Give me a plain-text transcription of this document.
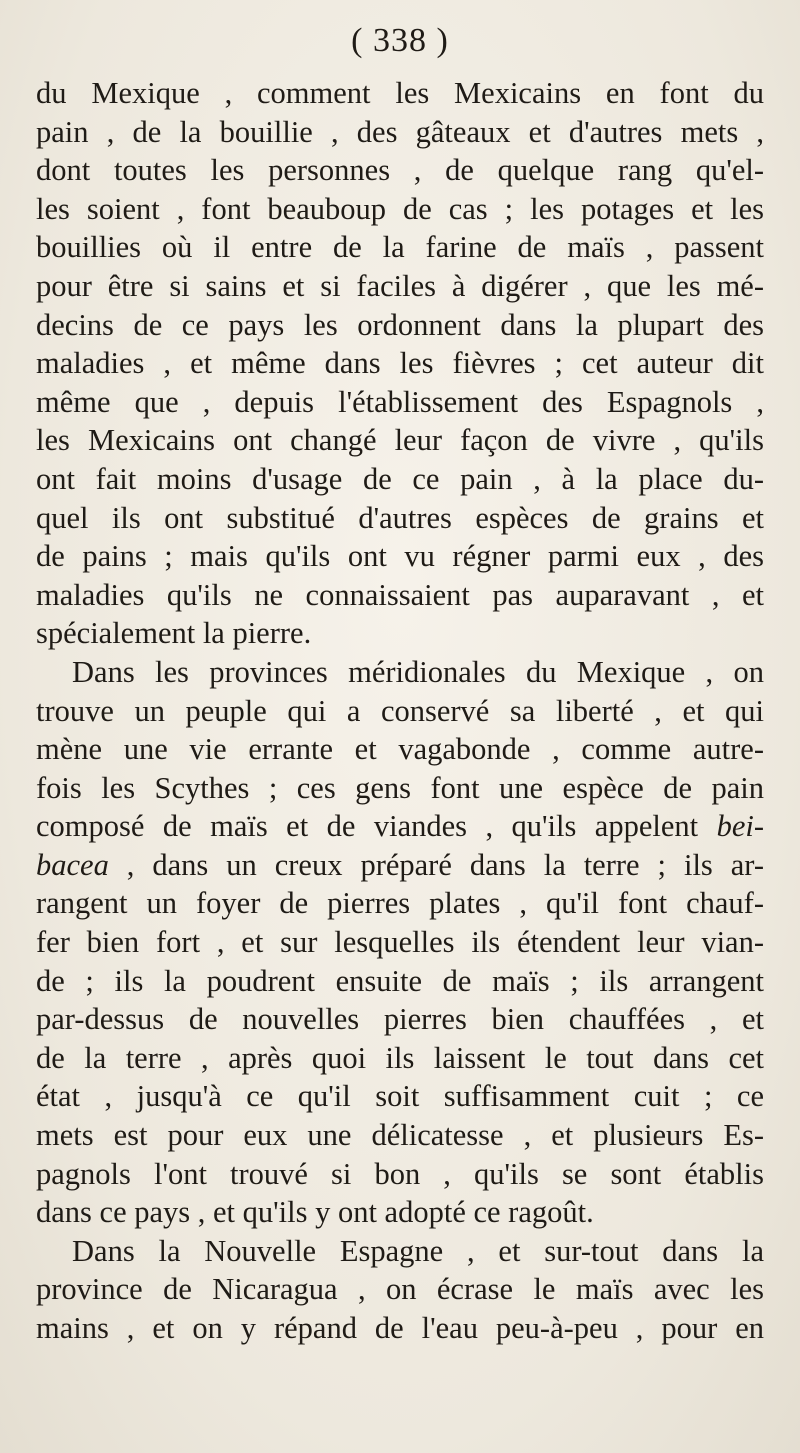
( 338 )
du Mexique , comment les Mexicains en font du
pain , de la bouillie , des gâteaux et d'autres mets ,
dont toutes les personnes , de quelque rang qu'el-
les soient , font beauboup de cas ; les potages et les
bouillies où il entre de la farine de maïs , passent
pour être si sains et si faciles à digérer , que les mé-
decins de ce pays les ordonnent dans la plupart des
maladies , et même dans les fièvres ; cet auteur dit
même que , depuis l'établissement des Espagnols ,
les Mexicains ont changé leur façon de vivre , qu'ils
ont fait moins d'usage de ce pain , à la place du-
quel ils ont substitué d'autres espèces de grains et
de pains ; mais qu'ils ont vu régner parmi eux , des
maladies qu'ils ne connaissaient pas auparavant , et
spécialement la pierre.
Dans les provinces méridionales du Mexique , on
trouve un peuple qui a conservé sa liberté , et qui
mène une vie errante et vagabonde , comme autre-
fois les Scythes ; ces gens font une espèce de pain
composé de maïs et de viandes , qu'ils appelent bei-
bacea , dans un creux préparé dans la terre ; ils ar-
rangent un foyer de pierres plates , qu'il font chauf-
fer bien fort , et sur lesquelles ils étendent leur vian-
de ; ils la poudrent ensuite de maïs ; ils arrangent
par-dessus de nouvelles pierres bien chauffées , et
de la terre , après quoi ils laissent le tout dans cet
état , jusqu'à ce qu'il soit suffisamment cuit ; ce
mets est pour eux une délicatesse , et plusieurs Es-
pagnols l'ont trouvé si bon , qu'ils se sont établis
dans ce pays , et qu'ils y ont adopté ce ragoût.
Dans la Nouvelle Espagne , et sur-tout dans la
province de Nicaragua , on écrase le maïs avec les
mains , et on y répand de l'eau peu-à-peu , pour en
